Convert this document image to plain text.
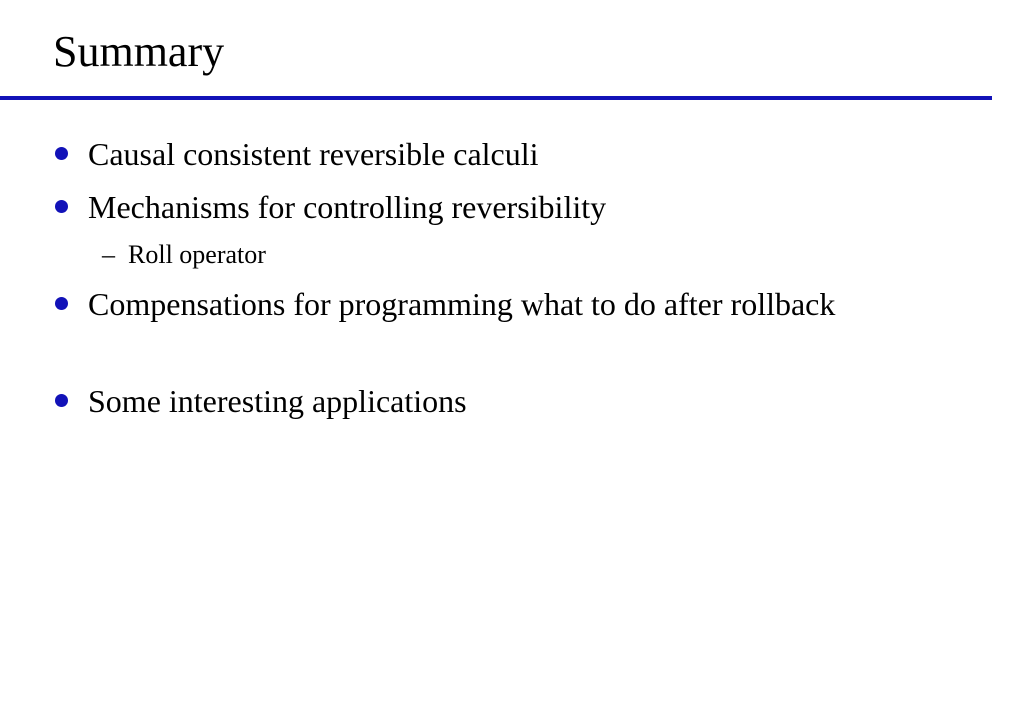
Summary
Causal consistent reversible calculi
Mechanisms for controlling reversibility
– Roll operator
Compensations for programming what to do after rollback
Some interesting applications
